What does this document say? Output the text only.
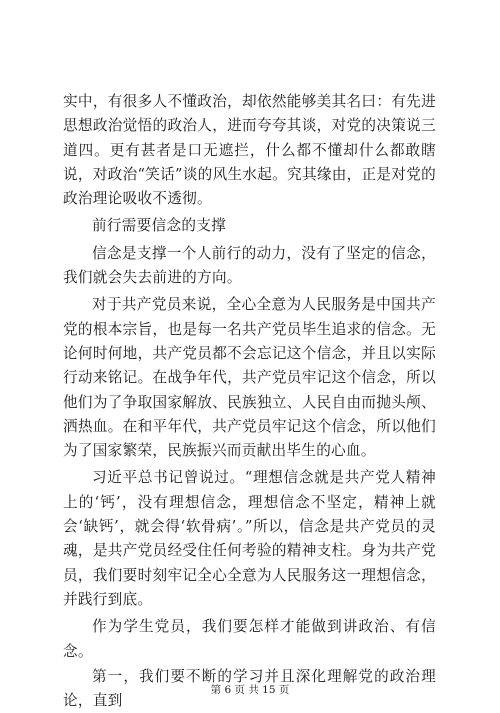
实中，有很多人不懂政治，却依然能够美其名曰：有先进思想政治觉悟的政治人，进而夸夸其谈，对党的决策说三道四。更有甚者是口无遮拦，什么都不懂却什么都敢瞎说，对政治“笑话”谈的风生水起。究其缘由，正是对党的政治理论吸收不透彻。

前行需要信念的支撑

信念是支撑一个人前行的动力，没有了坚定的信念，我们就会失去前进的方向。

对于共产党员来说，全心全意为人民服务是中国共产党的根本宗旨，也是每一名共产党员毕生追求的信念。无论何时何地，共产党员都不会忘记这个信念，并且以实际行动来铭记。在战争年代，共产党员牢记这个信念，所以他们为了争取国家解放、民族独立、人民自由而抛头颅、洒热血。在和平年代，共产党员牢记这个信念，所以他们为了国家繁荣，民族振兴而贡献出毕生的心血。

习近平总书记曾说过。“理想信念就是共产党人精神上的‘钙’，没有理想信念，理想信念不坚定，精神上就会‘缺钙’，就会得‘软骨病’。”所以，信念是共产党员的灵魂，是共产党员经受住任何考验的精神支柱。身为共产党员，我们要时刻牢记全心全意为人民服务这一理想信念，并践行到底。

作为学生党员，我们要怎样才能做到讲政治、有信念。

第一，我们要不断的学习并且深化理解党的政治理论，直到

第 6 页 共 15 页
